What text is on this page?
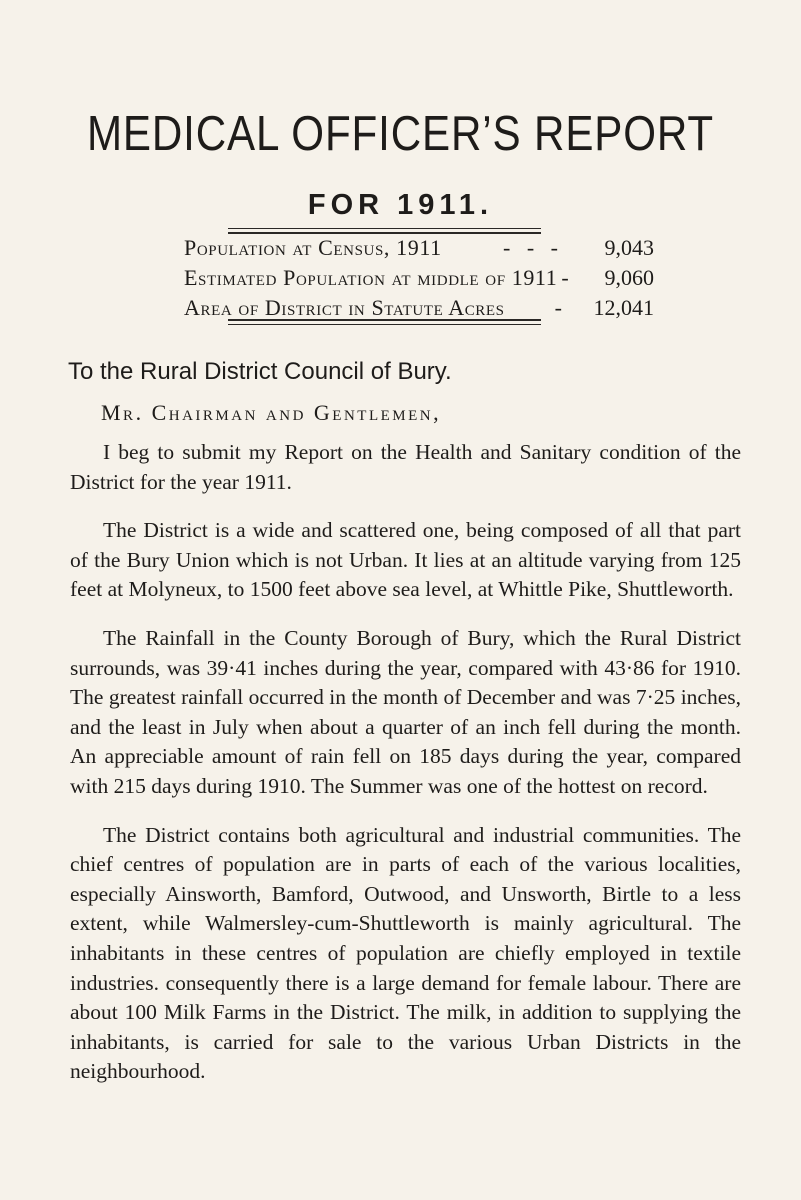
MEDICAL OFFICER’S REPORT
FOR 1911.
Population at Census, 1911	-   -   -	9,043
Estimated Population at middle of 1911 -	9,060
Area of District in Statute Acres -	12,041
To the Rural District Council of Bury.
Mr. Chairman and Gentlemen,

I beg to submit my Report on the Health and Sanitary condition of the District for the year 1911.

The District is a wide and scattered one, being composed of all that part of the Bury Union which is not Urban. It lies at an altitude varying from 125 feet at Molyneux, to 1500 feet above sea level, at Whittle Pike, Shuttleworth.

The Rainfall in the County Borough of Bury, which the Rural District surrounds, was 39·41 inches during the year, compared with 43·86 for 1910. The greatest rainfall occurred in the month of December and was 7·25 inches, and the least in July when about a quarter of an inch fell during the month. An appreciable amount of rain fell on 185 days during the year, compared with 215 days during 1910. The Summer was one of the hottest on record.

The District contains both agricultural and industrial communities. The chief centres of population are in parts of each of the various localities, especially Ainsworth, Bamford, Outwood, and Unsworth, Birtle to a less extent, while Walmersley-cum-Shuttleworth is mainly agricultural. The inhabitants in these centres of population are chiefly employed in textile industries. consequently there is a large demand for female labour. There are about 100 Milk Farms in the District. The milk, in addition to supplying the inhabitants, is carried for sale to the various Urban Districts in the neighbourhood.
